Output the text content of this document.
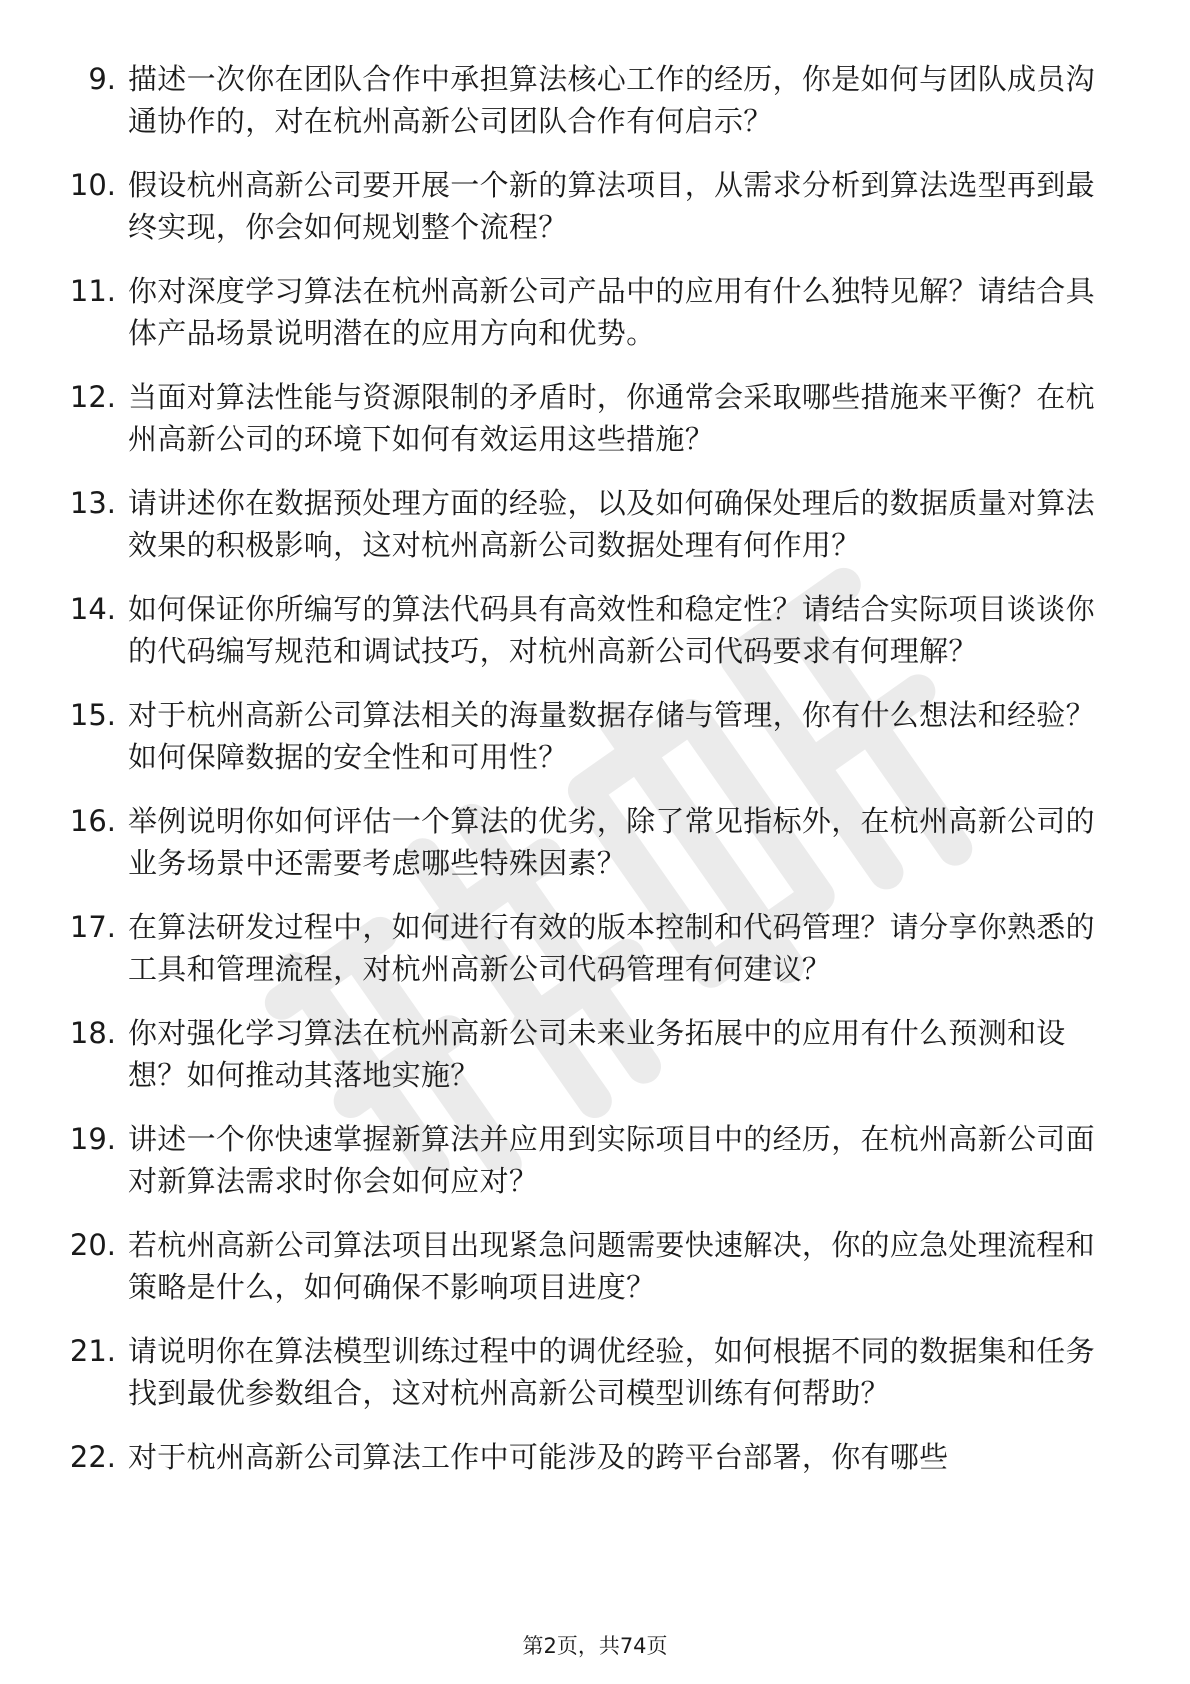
9. 描述一次你在团队合作中承担算法核心工作的经历，你是如何与团队成员沟通协作的，对在杭州高新公司团队合作有何启示？
10. 假设杭州高新公司要开展一个新的算法项目，从需求分析到算法选型再到最终实现，你会如何规划整个流程？
11. 你对深度学习算法在杭州高新公司产品中的应用有什么独特见解？请结合具体产品场景说明潜在的应用方向和优势。
12. 当面对算法性能与资源限制的矛盾时，你通常会采取哪些措施来平衡？在杭州高新公司的环境下如何有效运用这些措施？
13. 请讲述你在数据预处理方面的经验，以及如何确保处理后的数据质量对算法效果的积极影响，这对杭州高新公司数据处理有何作用？
14. 如何保证你所编写的算法代码具有高效性和稳定性？请结合实际项目谈谈你的代码编写规范和调试技巧，对杭州高新公司代码要求有何理解？
15. 对于杭州高新公司算法相关的海量数据存储与管理，你有什么想法和经验？如何保障数据的安全性和可用性？
16. 举例说明你如何评估一个算法的优劣，除了常见指标外，在杭州高新公司的业务场景中还需要考虑哪些特殊因素？
17. 在算法研发过程中，如何进行有效的版本控制和代码管理？请分享你熟悉的工具和管理流程，对杭州高新公司代码管理有何建议？
18. 你对强化学习算法在杭州高新公司未来业务拓展中的应用有什么预测和设想？如何推动其落地实施？
19. 讲述一个你快速掌握新算法并应用到实际项目中的经历，在杭州高新公司面对新算法需求时你会如何应对？
20. 若杭州高新公司算法项目出现紧急问题需要快速解决，你的应急处理流程和策略是什么，如何确保不影响项目进度？
21. 请说明你在算法模型训练过程中的调优经验，如何根据不同的数据集和任务找到最优参数组合，这对杭州高新公司模型训练有何帮助？
22. 对于杭州高新公司算法工作中可能涉及的跨平台部署，你有哪些
第2页，共74页
